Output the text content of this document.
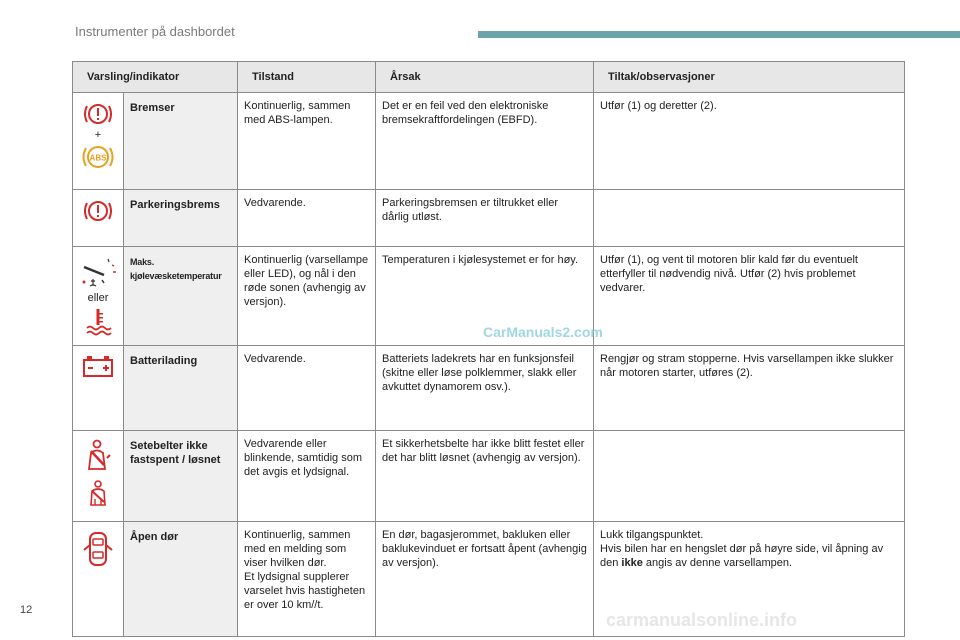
Instrumenter på dashbordet
Varsling/indikator		Tilstand	Årsak	Tiltak/observasjoner

+
ABS	Bremser	Kontinuerlig, sammen med ABS-lampen.	Det er en feil ved den elektroniske bremsekraftfordelingen (EBFD).	Utfør (1) og deretter (2).

	Parkeringsbrems	Vedvarende.	Parkeringsbremsen er tiltrukket eller dårlig utløst.	

eller	Maks. kjølevæsketemperatur	Kontinuerlig (varsellampe eller LED), og nål i den røde sonen (avhengig av versjon).	Temperaturen i kjølesystemet er for høy.	Utfør (1), og vent til motoren blir kald før du eventuelt etterfyller til nødvendig nivå. Utfør (2) hvis problemet vedvarer.

	Batterilading	Vedvarende.	Batteriets ladekrets har en funksjonsfeil (skitne eller løse polklemmer, slakk eller avkuttet dynamorem osv.).	Rengjør og stram stopperne. Hvis varsellampen ikke slukker når motoren starter, utføres (2).

	Setebelter ikke fastspent / løsnet	Vedvarende eller blinkende, samtidig som det avgis et lydsignal.	Et sikkerhetsbelte har ikke blitt festet eller det har blitt løsnet (avhengig av versjon).	

	Åpen dør	Kontinuerlig, sammen med en melding som viser hvilken dør.
Et lydsignal supplerer varselet hvis hastigheten er over 10 km//t.	En dør, bagasjerommet, bakluken eller baklukevinduet er fortsatt åpent (avhengig av versjon).	Lukk tilgangspunktet.
Hvis bilen har en hengslet dør på høyre side, vil åpning av den ikke angis av denne varsellampen.
CarManuals2.com
12	carmanualsonline.info
